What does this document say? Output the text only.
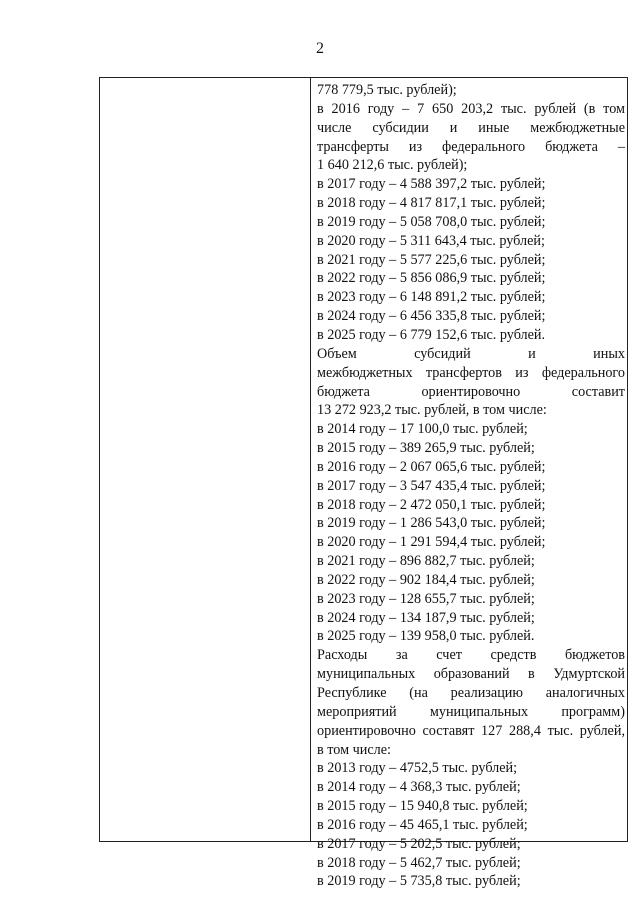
2
778 779,5 тыс. рублей);
в 2016 году – 7 650 203,2 тыс. рублей (в том
числе субсидии и иные межбюджетные
трансферты из федерального бюджета –
1 640 212,6 тыс. рублей);
в 2017 году – 4 588 397,2 тыс. рублей;
в 2018 году – 4 817 817,1 тыс. рублей;
в 2019 году – 5 058 708,0 тыс. рублей;
в 2020 году – 5 311 643,4 тыс. рублей;
в 2021 году – 5 577 225,6 тыс. рублей;
в 2022 году – 5 856 086,9 тыс. рублей;
в 2023 году – 6 148 891,2 тыс. рублей;
в 2024 году – 6 456 335,8 тыс. рублей;
в 2025 году – 6 779 152,6 тыс. рублей.
Объем субсидий и иных
межбюджетных трансфертов из федерального
бюджета ориентировочно составит
13 272 923,2 тыс. рублей, в том числе:
в 2014 году – 17 100,0 тыс. рублей;
в 2015 году – 389 265,9 тыс. рублей;
в 2016 году – 2 067 065,6 тыс. рублей;
в 2017 году – 3 547 435,4 тыс. рублей;
в 2018 году – 2 472 050,1 тыс. рублей;
в 2019 году – 1 286 543,0 тыс. рублей;
в 2020 году – 1 291 594,4 тыс. рублей;
в 2021 году – 896 882,7 тыс. рублей;
в 2022 году – 902 184,4 тыс. рублей;
в 2023 году – 128 655,7 тыс. рублей;
в 2024 году – 134 187,9 тыс. рублей;
в 2025 году – 139 958,0 тыс. рублей.
Расходы за счет средств бюджетов
муниципальных образований в Удмуртской
Республике (на реализацию аналогичных
мероприятий муниципальных программ)
ориентировочно составят 127 288,4 тыс. рублей,
в том числе:
в 2013 году – 4752,5 тыс. рублей;
в 2014 году – 4 368,3 тыс. рублей;
в 2015 году – 15 940,8 тыс. рублей;
в 2016 году – 45 465,1 тыс. рублей;
в 2017 году – 5 202,5 тыс. рублей;
в 2018 году – 5 462,7 тыс. рублей;
в 2019 году – 5 735,8 тыс. рублей;
